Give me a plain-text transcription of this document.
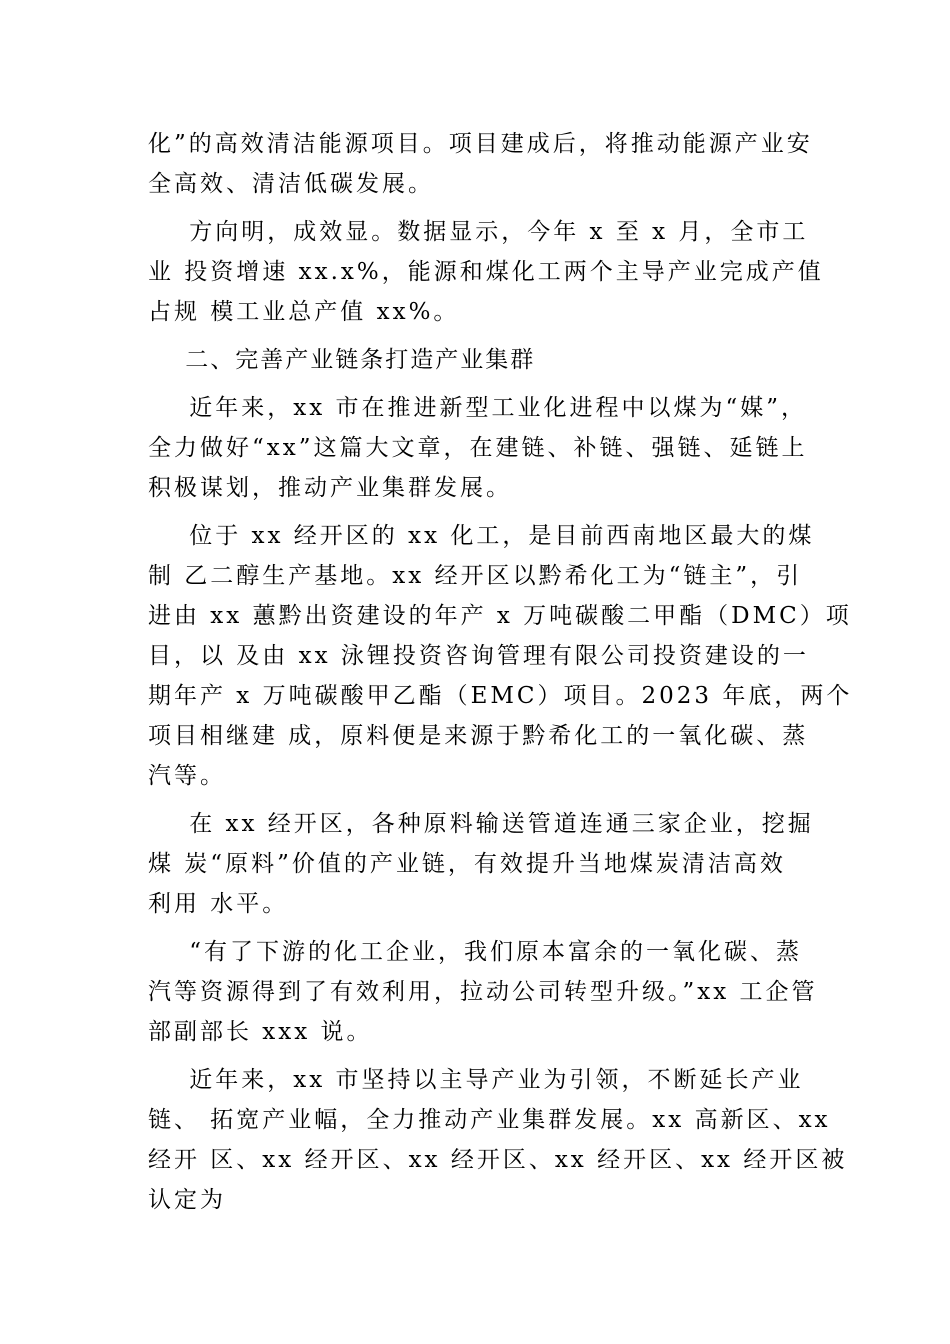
化”的高效清洁能源项目。项目建成后，将推动能源产业安
全高效、清洁低碳发展。
方向明，成效显。数据显示，今年 x 至 x 月，全市工
业 投资增速 xx.x%，能源和煤化工两个主导产业完成产值
占规 模工业总产值 xx%。
二、完善产业链条打造产业集群
近年来，xx 市在推进新型工业化进程中以煤为“媒”，
全力做好“xx”这篇大文章，在建链、补链、强链、延链上
积极谋划，推动产业集群发展。
位于 xx 经开区的 xx 化工，是目前西南地区最大的煤
制 乙二醇生产基地。xx 经开区以黔希化工为“链主”，引
进由 xx 蕙黔出资建设的年产 x 万吨碳酸二甲酯（DMC）项
目，以 及由 xx 泳锂投资咨询管理有限公司投资建设的一
期年产 x 万吨碳酸甲乙酯（EMC）项目。2023 年底，两个
项目相继建 成，原料便是来源于黔希化工的一氧化碳、蒸
汽等。
在 xx 经开区，各种原料输送管道连通三家企业，挖掘
煤 炭“原料”价值的产业链，有效提升当地煤炭清洁高效
利用 水平。
“有了下游的化工企业，我们原本富余的一氧化碳、蒸
汽等资源得到了有效利用，拉动公司转型升级。”xx 工企管
部副部长 xxx 说。
近年来，xx 市坚持以主导产业为引领，不断延长产业
链、 拓宽产业幅，全力推动产业集群发展。xx 高新区、xx
经开 区、xx 经开区、xx 经开区、xx 经开区、xx 经开区被
认定为
